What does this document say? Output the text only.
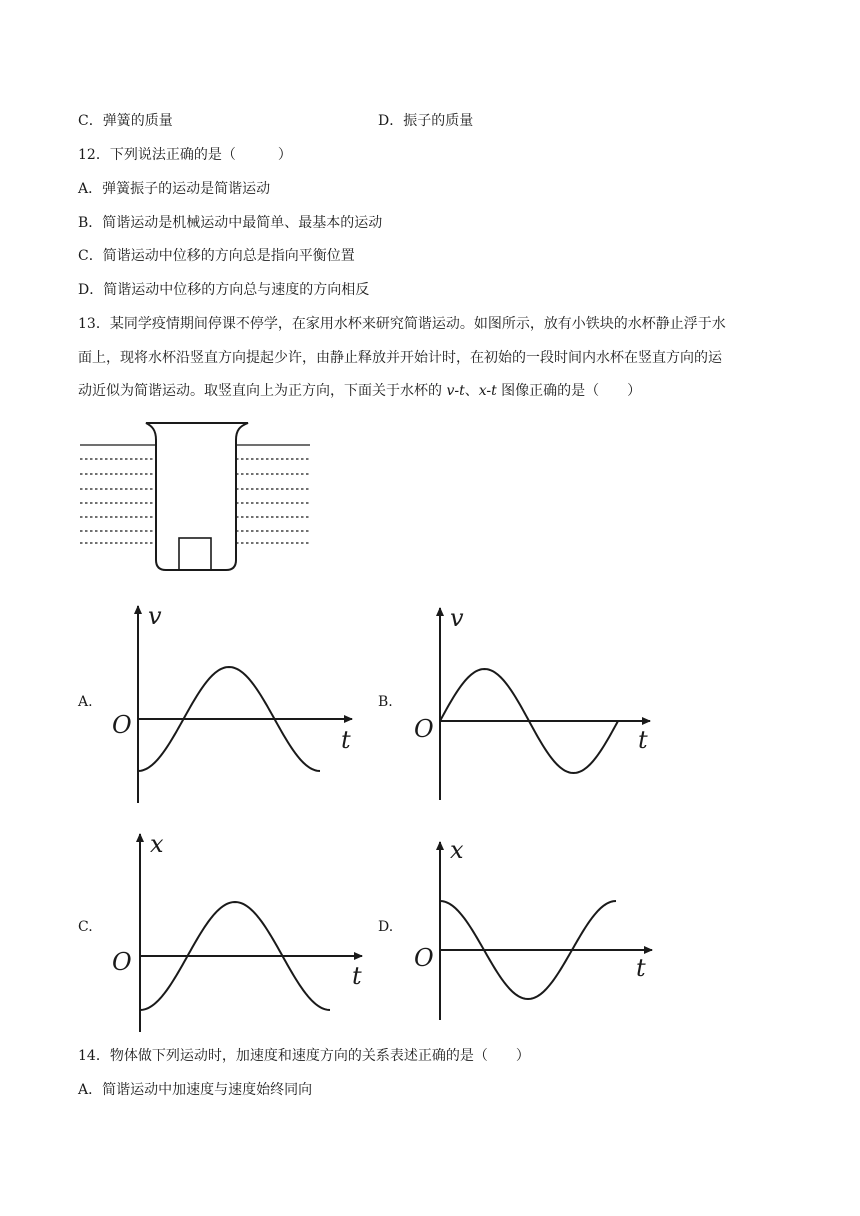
C．弹簧的质量	D．振子的质量
12．下列说法正确的是（　　　）
A．弹簧振子的运动是简谐运动
B．简谐运动是机械运动中最简单、最基本的运动
C．简谐运动中位移的方向总是指向平衡位置
D．简谐运动中位移的方向总与速度的方向相反
13．某同学疫情期间停课不停学，在家用水杯来研究简谐运动。如图所示，放有小铁块的水杯静止浮于水
面上，现将水杯沿竖直方向提起少许，由静止释放并开始计时，在初始的一段时间内水杯在竖直方向的运
动近似为简谐运动。取竖直向上为正方向，下面关于水杯的 v-t、x-t 图像正确的是（　　）
A.	B.
C.	D.
v
t
O
v
t
O
x
t
O
x
t
O
14．物体做下列运动时，加速度和速度方向的关系表述正确的是（　　）
A．简谐运动中加速度与速度始终同向
